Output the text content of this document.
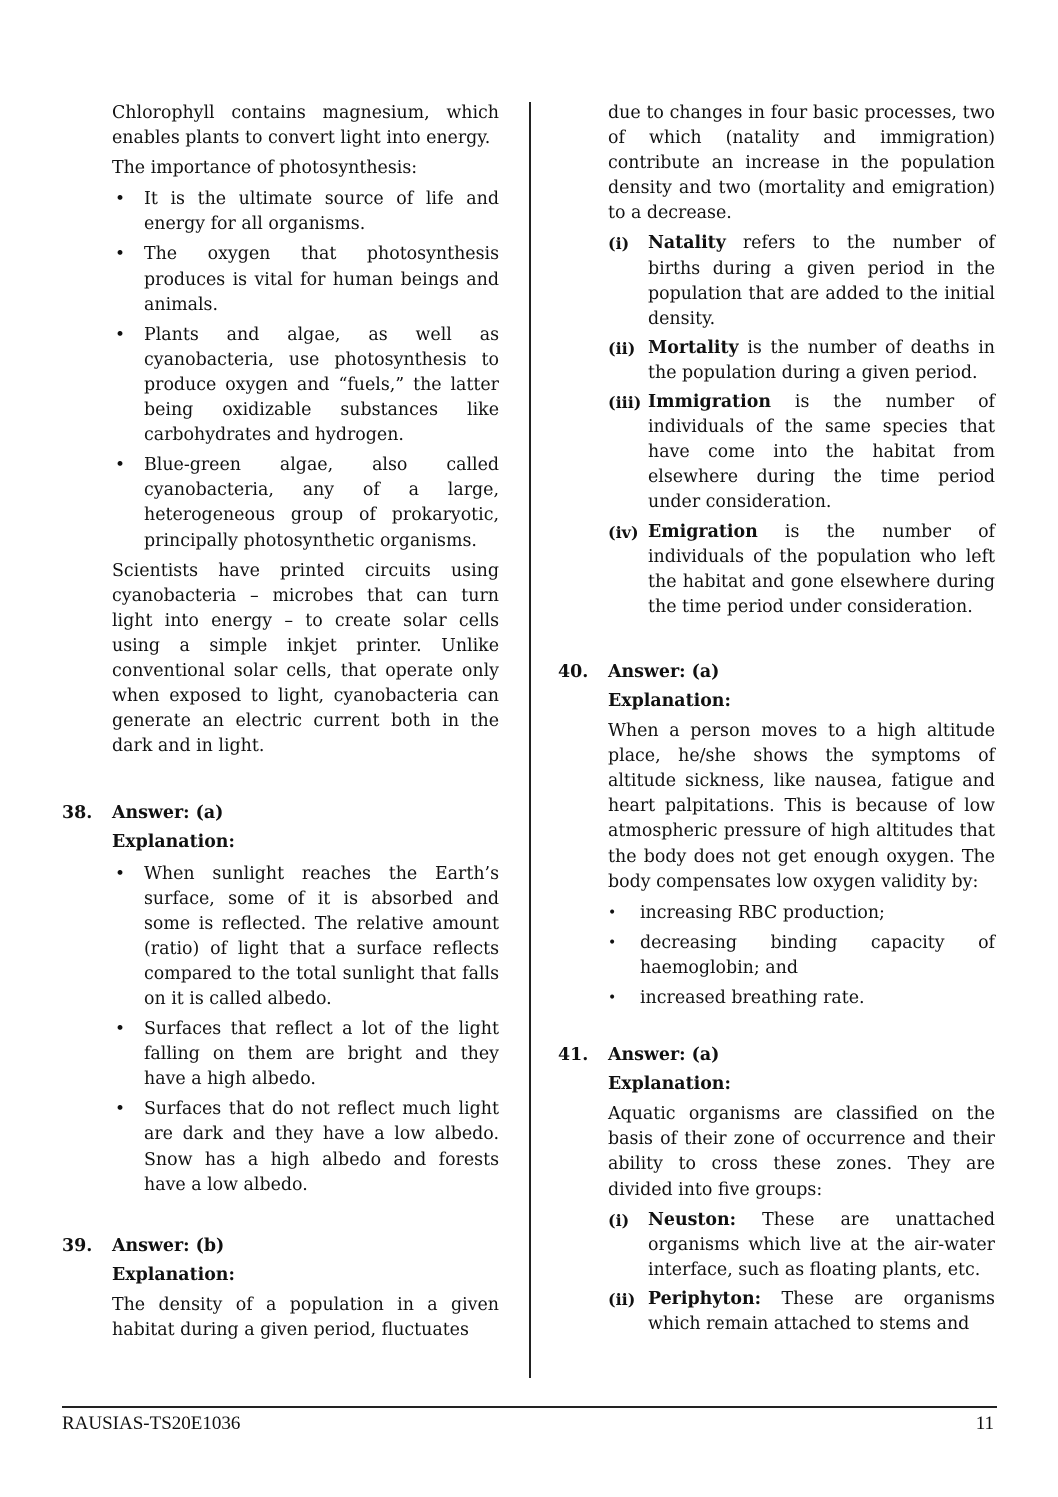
Chlorophyll contains magnesium, which enables plants to convert light into energy.

The importance of photosynthesis:

• It is the ultimate source of life and energy for all organisms.
• The oxygen that photosynthesis produces is vital for human beings and animals.
• Plants and algae, as well as cyanobacteria, use photosynthesis to produce oxygen and “fuels,” the latter being oxidizable substances like carbohydrates and hydrogen.
• Blue-green algae, also called cyanobacteria, any of a large, heterogeneous group of prokaryotic, principally photosynthetic organisms.

Scientists have printed circuits using cyanobacteria – microbes that can turn light into energy – to create solar cells using a simple inkjet printer. Unlike conventional solar cells, that operate only when exposed to light, cyanobacteria can generate an electric current both in the dark and in light.

38. Answer: (a)
Explanation:
• When sunlight reaches the Earth’s surface, some of it is absorbed and some is reflected. The relative amount (ratio) of light that a surface reflects compared to the total sunlight that falls on it is called albedo.
• Surfaces that reflect a lot of the light falling on them are bright and they have a high albedo.
• Surfaces that do not reflect much light are dark and they have a low albedo. Snow has a high albedo and forests have a low albedo.
39. Answer: (b)
Explanation:

The density of a population in a given habitat during a given period, fluctuates

due to changes in four basic processes, two of which (natality and immigration) contribute an increase in the population density and two (mortality and emigration) to a decrease.

(i) Natality refers to the number of births during a given period in the population that are added to the initial density.
(ii) Mortality is the number of deaths in the population during a given period.
(iii) Immigration is the number of individuals of the same species that have come into the habitat from elsewhere during the time period under consideration.
(iv) Emigration is the number of individuals of the population who left the habitat and gone elsewhere during the time period under consideration.
40. Answer: (a)
Explanation:

When a person moves to a high altitude place, he/she shows the symptoms of altitude sickness, like nausea, fatigue and heart palpitations. This is because of low atmospheric pressure of high altitudes that the body does not get enough oxygen. The body compensates low oxygen validity by:

• increasing RBC production;
• decreasing binding capacity of haemoglobin; and
• increased breathing rate.
41. Answer: (a)
Explanation:

Aquatic organisms are classified on the basis of their zone of occurrence and their ability to cross these zones. They are divided into five groups:

(i) Neuston: These are unattached organisms which live at the air-water interface, such as floating plants, etc.
(ii) Periphyton: These are organisms which remain attached to stems and
RAUSIAS-TS20E1036	11
